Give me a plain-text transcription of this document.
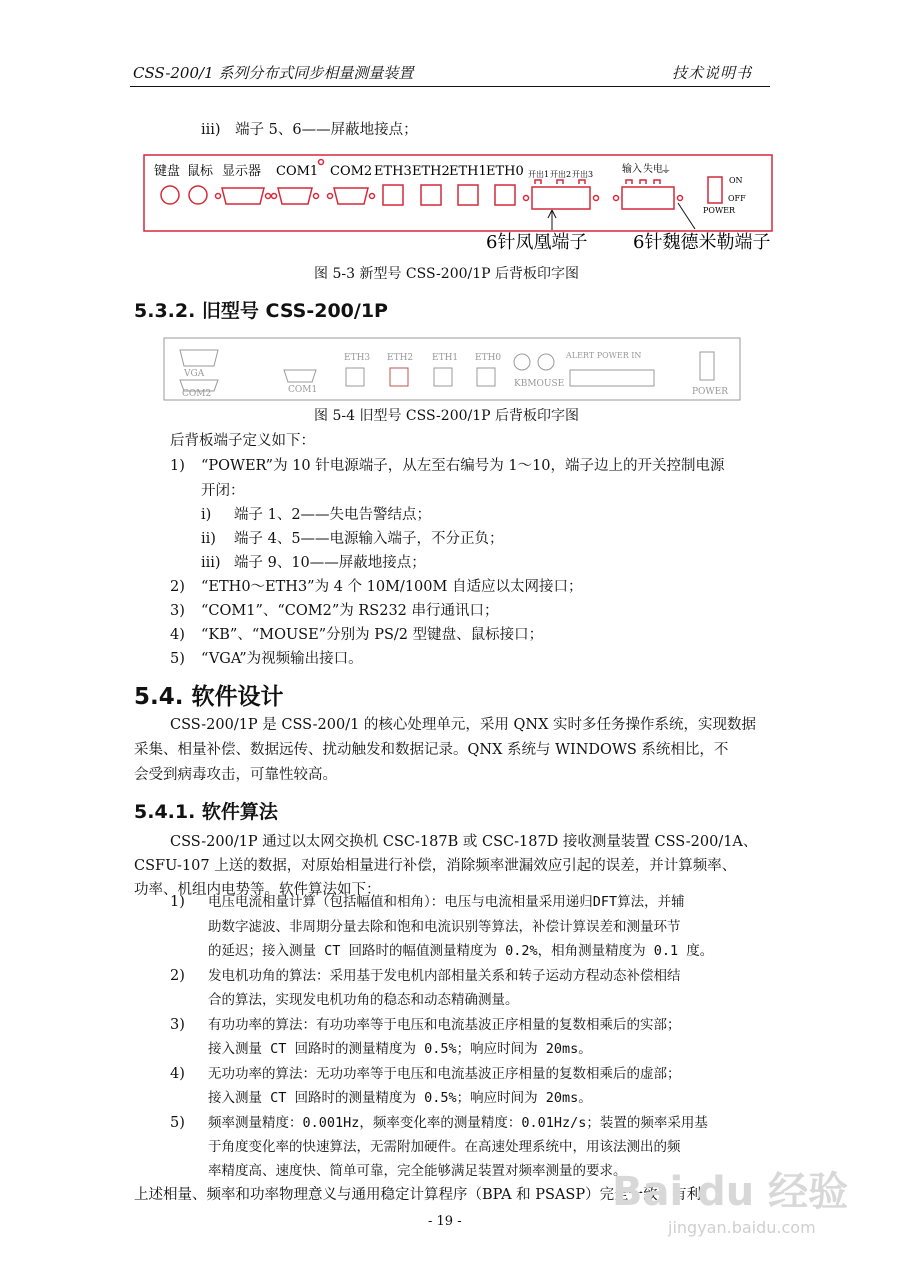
CSS-200/1 系列分布式同步相量测量装置	技术说明书
iii) 端子 5、6——屏蔽地接点；
键盘 鼠标 显示器 COM1 COM2 ETH3 ETH2 ETH1 ETH0 开出1 开出2 开出3	输入 失电
⏚
ON
OFF
POWER
6针凤凰端子	6针魏德米勒端子
图 5-3 新型号 CSS-200/1P 后背板印字图
5.3.2. 旧型号 CSS-200/1P
VGA
COM2	COM1
ETH3 ETH2 ETH1 ETH0
KBMOUSE
ALERT POWER IN
POWER
图 5-4 旧型号 CSS-200/1P 后背板印字图
后背板端子定义如下：
1) “POWER”为 10 针电源端子，从左至右编号为 1～10，端子边上的开关控制电源
开闭：
i) 端子 1、2——失电告警结点；
ii) 端子 4、5——电源输入端子，不分正负；
iii) 端子 9、10——屏蔽地接点；
2) “ETH0～ETH3”为 4 个 10M/100M 自适应以太网接口；
3) “COM1”、“COM2”为 RS232 串行通讯口；
4) “KB”、“MOUSE”分别为 PS/2 型键盘、鼠标接口；
5) “VGA”为视频输出接口。
5.4. 软件设计
CSS-200/1P 是 CSS-200/1 的核心处理单元，采用 QNX 实时多任务操作系统，实现数据
采集、相量补偿、数据远传、扰动触发和数据记录。QNX 系统与 WINDOWS 系统相比，不
会受到病毒攻击，可靠性较高。
5.4.1. 软件算法
CSS-200/1P 通过以太网交换机 CSC-187B 或 CSC-187D 接收测量装置 CSS-200/1A、
CSFU-107 上送的数据，对原始相量进行补偿，消除频率泄漏效应引起的误差，并计算频率、
功率、机组内电势等。软件算法如下：
1) 电压电流相量计算（包括幅值和相角）：电压与电流相量采用递归DFT算法，并辅
助数字滤波、非周期分量去除和饱和电流识别等算法，补偿计算误差和测量环节
的延迟；接入测量 CT 回路时的幅值测量精度为 0.2%，相角测量精度为 0.1 度。
2) 发电机功角的算法：采用基于发电机内部相量关系和转子运动方程动态补偿相结
合的算法，实现发电机功角的稳态和动态精确测量。
3) 有功功率的算法：有功功率等于电压和电流基波正序相量的复数相乘后的实部；
接入测量 CT 回路时的测量精度为 0.5%；响应时间为 20ms。
4) 无功功率的算法：无功功率等于电压和电流基波正序相量的复数相乘后的虚部；
接入测量 CT 回路时的测量精度为 0.5%；响应时间为 20ms。
5) 频率测量精度：0.001Hz，频率变化率的测量精度：0.01Hz/s；装置的频率采用基
于角度变化率的快速算法，无需附加硬件。在高速处理系统中，用该法测出的频
率精度高、速度快、简单可靠，完全能够满足装置对频率测量的要求。
上述相量、频率和功率物理意义与通用稳定计算程序（BPA 和 PSASP）完全一致，有利
- 19 -
Bai du 经验
jingyan.baidu.com
